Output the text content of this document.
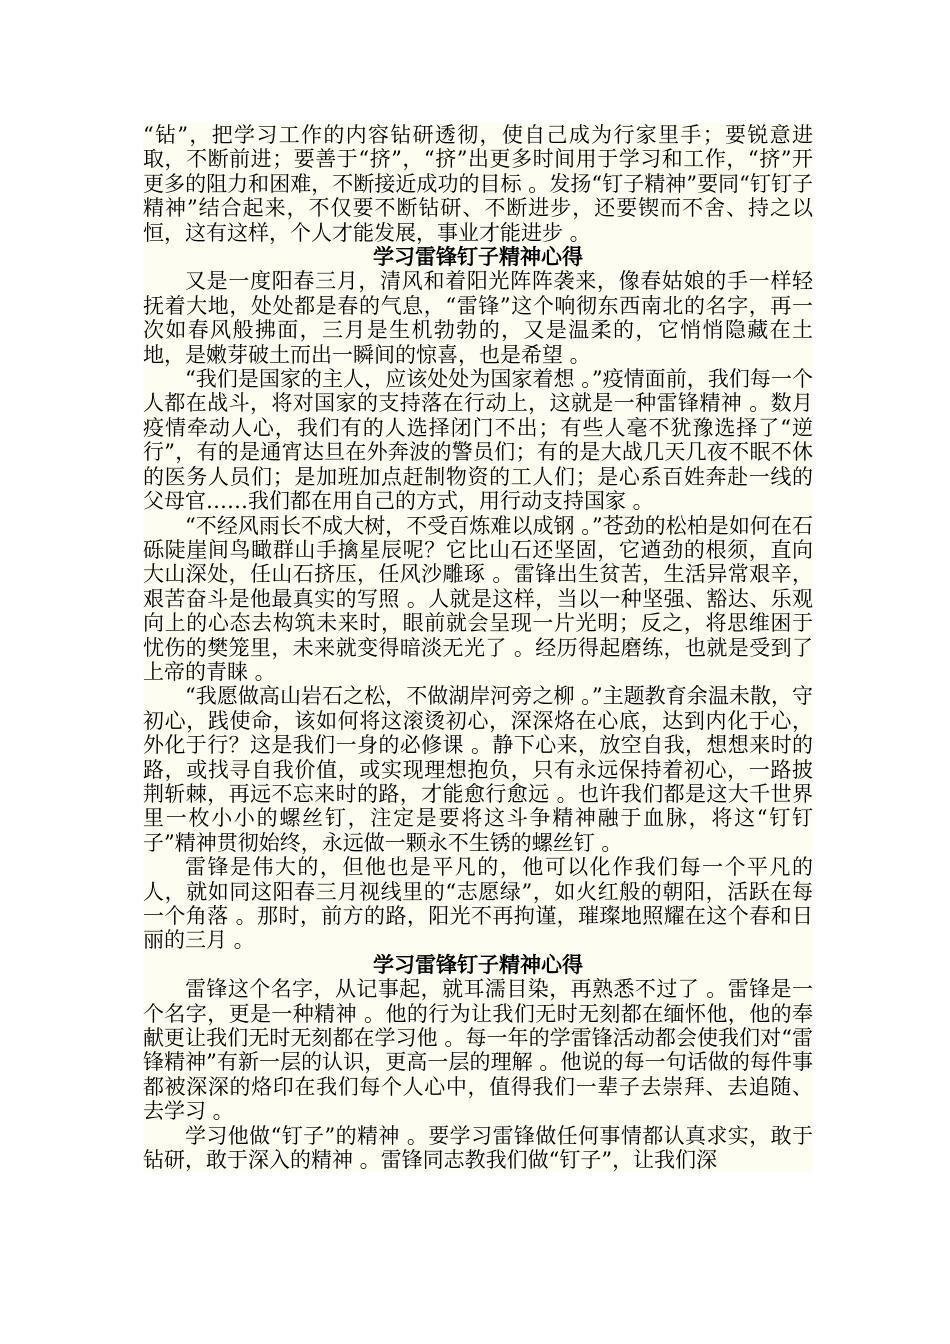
“钻”，把学习工作的内容钻研透彻，使自己成为行家里手；要锐意进取，不断前进；要善于“挤”，“挤”出更多时间用于学习和工作，“挤”开更多的阻力和困难，不断接近成功的目标 。发扬“钉子精神”要同“钉钉子精神”结合起来，不仅要不断钻研、不断进步，还要锲而不舍、持之以恒，这有这样，个人才能发展，事业才能进步 。

学习雷锋钉子精神心得

又是一度阳春三月，清风和着阳光阵阵袭来，像春姑娘的手一样轻抚着大地，处处都是春的气息，“雷锋”这个响彻东西南北的名字，再一次如春风般拂面，三月是生机勃勃的，又是温柔的，它悄悄隐藏在土地，是嫩芽破土而出一瞬间的惊喜，也是希望 。

“我们是国家的主人，应该处处为国家着想 。”疫情面前，我们每一个人都在战斗，将对国家的支持落在行动上，这就是一种雷锋精神 。数月疫情牵动人心，我们有的人选择闭门不出；有些人毫不犹豫选择了“逆行”，有的是通宵达旦在外奔波的警员们；有的是大战几天几夜不眠不休的医务人员们；是加班加点赶制物资的工人们；是心系百姓奔赴一线的父母官……我们都在用自己的方式，用行动支持国家 。

“不经风雨长不成大树，不受百炼难以成钢 。”苍劲的松柏是如何在石砾陡崖间鸟瞰群山手擒星辰呢？它比山石还坚固，它遒劲的根须，直向大山深处，任山石挤压，任风沙雕琢 。雷锋出生贫苦，生活异常艰辛，艰苦奋斗是他最真实的写照 。人就是这样，当以一种坚强、豁达、乐观向上的心态去构筑未来时，眼前就会呈现一片光明；反之，将思维困于忧伤的樊笼里，未来就变得暗淡无光了 。经历得起磨练，也就是受到了上帝的青睐 。

“我愿做高山岩石之松，不做湖岸河旁之柳 。”主题教育余温未散，守初心，践使命，该如何将这滚烫初心，深深烙在心底，达到内化于心，外化于行？这是我们一身的必修课 。静下心来，放空自我，想想来时的路，或找寻自我价值，或实现理想抱负，只有永远保持着初心，一路披荆斩棘，再远不忘来时的路，才能愈行愈远 。也许我们都是这大千世界里一枚小小的螺丝钉，注定是要将这斗争精神融于血脉，将这“钉钉子”精神贯彻始终，永远做一颗永不生锈的螺丝钉 。

雷锋是伟大的，但他也是平凡的，他可以化作我们每一个平凡的人，就如同这阳春三月视线里的“志愿绿”，如火红般的朝阳，活跃在每一个角落 。那时，前方的路，阳光不再拘谨，璀璨地照耀在这个春和日丽的三月 。

学习雷锋钉子精神心得

雷锋这个名字，从记事起，就耳濡目染，再熟悉不过了 。雷锋是一个名字，更是一种精神 。他的行为让我们无时无刻都在缅怀他，他的奉献更让我们无时无刻都在学习他 。每一年的学雷锋活动都会使我们对“雷锋精神”有新一层的认识，更高一层的理解 。他说的每一句话做的每件事都被深深的烙印在我们每个人心中，值得我们一辈子去崇拜、去追随、去学习 。

学习他做“钉子”的精神 。要学习雷锋做任何事情都认真求实，敢于钻研，敢于深入的精神 。雷锋同志教我们做“钉子”，让我们深
